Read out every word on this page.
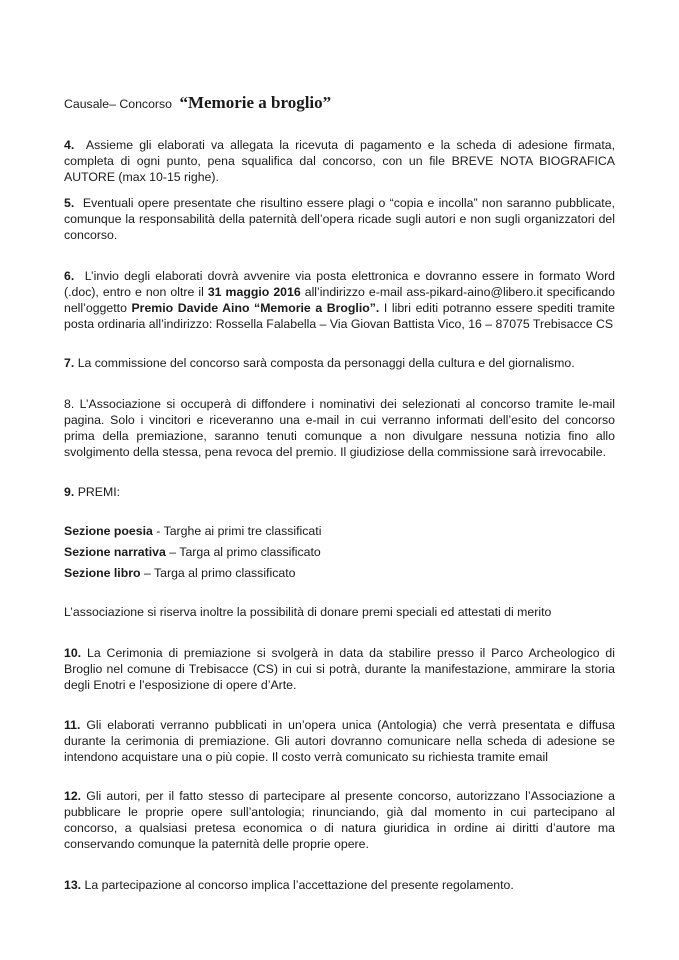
Causale– Concorso “Memorie a broglio”
4. Assieme gli elaborati va allegata la ricevuta di pagamento e la scheda di adesione firmata, completa di ogni punto, pena squalifica dal concorso, con un file BREVE NOTA BIOGRAFICA AUTORE (max 10-15 righe).
5. Eventuali opere presentate che risultino essere plagi o “copia e incolla” non saranno pubblicate, comunque la responsabilità della paternità dell’opera ricade sugli autori e non sugli organizzatori del concorso.
6. L’invio degli elaborati dovrà avvenire via posta elettronica e dovranno essere in formato Word (.doc), entro e non oltre il 31 maggio 2016 all’indirizzo e-mail ass-pikard-aino@libero.it specificando nell’oggetto Premio Davide Aino “Memorie a Broglio”. I libri editi potranno essere spediti tramite posta ordinaria all’indirizzo: Rossella Falabella – Via Giovan Battista Vico, 16 – 87075 Trebisacce CS
7. La commissione del concorso sarà composta da personaggi della cultura e del giornalismo.
8. L’Associazione si occuperà di diffondere i nominativi dei selezionati al concorso tramite le-mail pagina. Solo i vincitori e riceveranno una e-mail in cui verranno informati dell’esito del concorso prima della premiazione, saranno tenuti comunque a non divulgare nessuna notizia fino allo svolgimento della stessa, pena revoca del premio. Il giudiziose della commissione sarà irrevocabile.
9. PREMI:
Sezione poesia - Targhe ai primi tre classificati
Sezione narrativa – Targa al primo classificato
Sezione libro – Targa al primo classificato
L’associazione si riserva inoltre la possibilità di donare premi speciali ed attestati di merito
10. La Cerimonia di premiazione si svolgerà in data da stabilire presso il Parco Archeologico di Broglio nel comune di Trebisacce (CS) in cui si potrà, durante la manifestazione, ammirare la storia degli Enotri e l’esposizione di opere d’Arte.
11. Gli elaborati verranno pubblicati in un’opera unica (Antologia) che verrà presentata e diffusa durante la cerimonia di premiazione. Gli autori dovranno comunicare nella scheda di adesione se intendono acquistare una o più copie. Il costo verrà comunicato su richiesta tramite email
12. Gli autori, per il fatto stesso di partecipare al presente concorso, autorizzano l’Associazione a pubblicare le proprie opere sull’antologia; rinunciando, già dal momento in cui partecipano al concorso, a qualsiasi pretesa economica o di natura giuridica in ordine ai diritti d’autore ma conservando comunque la paternità delle proprie opere.
13. La partecipazione al concorso implica l’accettazione del presente regolamento.
